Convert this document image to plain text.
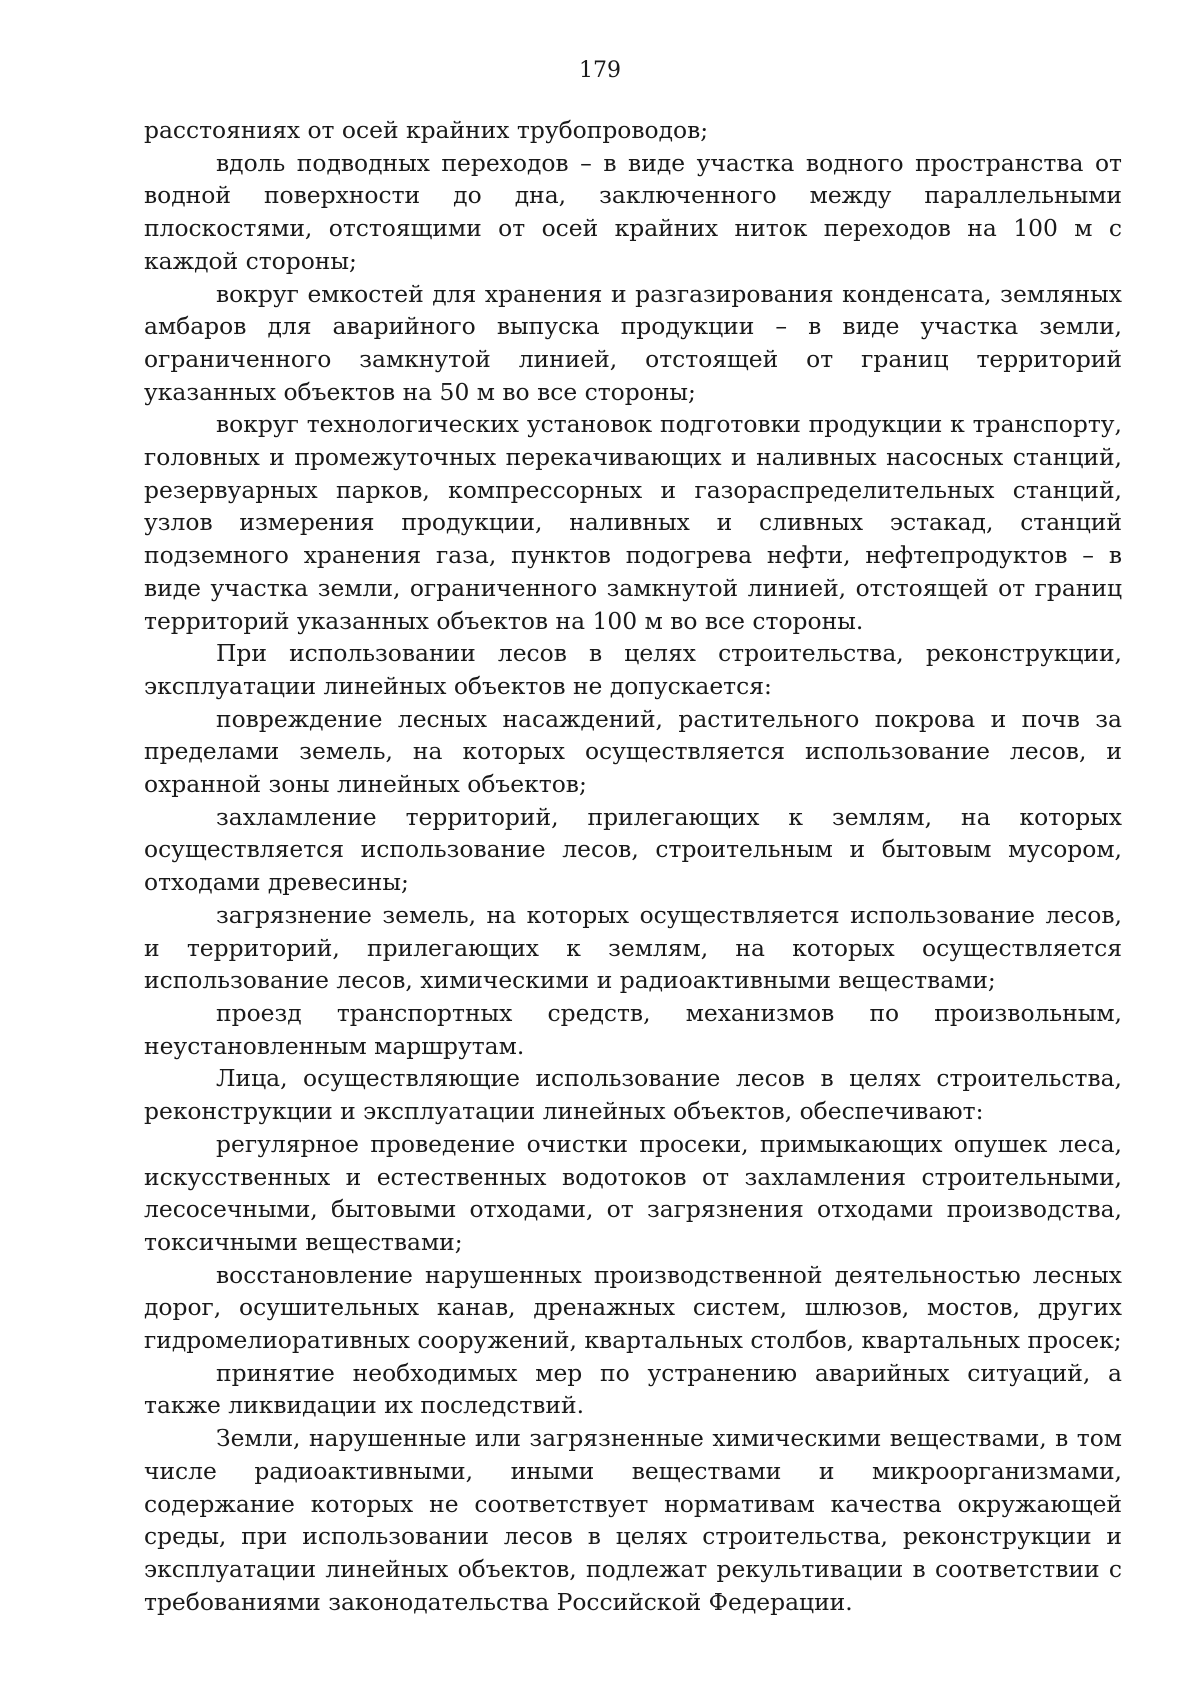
179

расстояниях от осей крайних трубопроводов;

вдоль подводных переходов – в виде участка водного пространства от водной поверхности до дна, заключенного между параллельными плоскостями, отстоящими от осей крайних ниток переходов на 100 м с каждой стороны;

вокруг емкостей для хранения и разгазирования конденсата, земляных амбаров для аварийного выпуска продукции – в виде участка земли, ограниченного замкнутой линией, отстоящей от границ территорий указанных объектов на 50 м во все стороны;

вокруг технологических установок подготовки продукции к транспорту, головных и промежуточных перекачивающих и наливных насосных станций, резервуарных парков, компрессорных и газораспределительных станций, узлов измерения продукции, наливных и сливных эстакад, станций подземного хранения газа, пунктов подогрева нефти, нефтепродуктов – в виде участка земли, ограниченного замкнутой линией, отстоящей от границ территорий указанных объектов на 100 м во все стороны.

При использовании лесов в целях строительства, реконструкции, эксплуатации линейных объектов не допускается:

повреждение лесных насаждений, растительного покрова и почв за пределами земель, на которых осуществляется использование лесов, и охранной зоны линейных объектов;

захламление территорий, прилегающих к землям, на которых осуществляется использование лесов, строительным и бытовым мусором, отходами древесины;

загрязнение земель, на которых осуществляется использование лесов, и территорий, прилегающих к землям, на которых осуществляется использование лесов, химическими и радиоактивными веществами;

проезд транспортных средств, механизмов по произвольным, неустановленным маршрутам.

Лица, осуществляющие использование лесов в целях строительства, реконструкции и эксплуатации линейных объектов, обеспечивают:

регулярное проведение очистки просеки, примыкающих опушек леса, искусственных и естественных водотоков от захламления строительными, лесосечными, бытовыми отходами, от загрязнения отходами производства, токсичными веществами;

восстановление нарушенных производственной деятельностью лесных дорог, осушительных канав, дренажных систем, шлюзов, мостов, других гидромелиоративных сооружений, квартальных столбов, квартальных просек;

принятие необходимых мер по устранению аварийных ситуаций, а также ликвидации их последствий.

Земли, нарушенные или загрязненные химическими веществами, в том числе радиоактивными, иными веществами и микроорганизмами, содержание которых не соответствует нормативам качества окружающей среды, при использовании лесов в целях строительства, реконструкции и эксплуатации линейных объектов, подлежат рекультивации в соответствии с требованиями законодательства Российской Федерации.
